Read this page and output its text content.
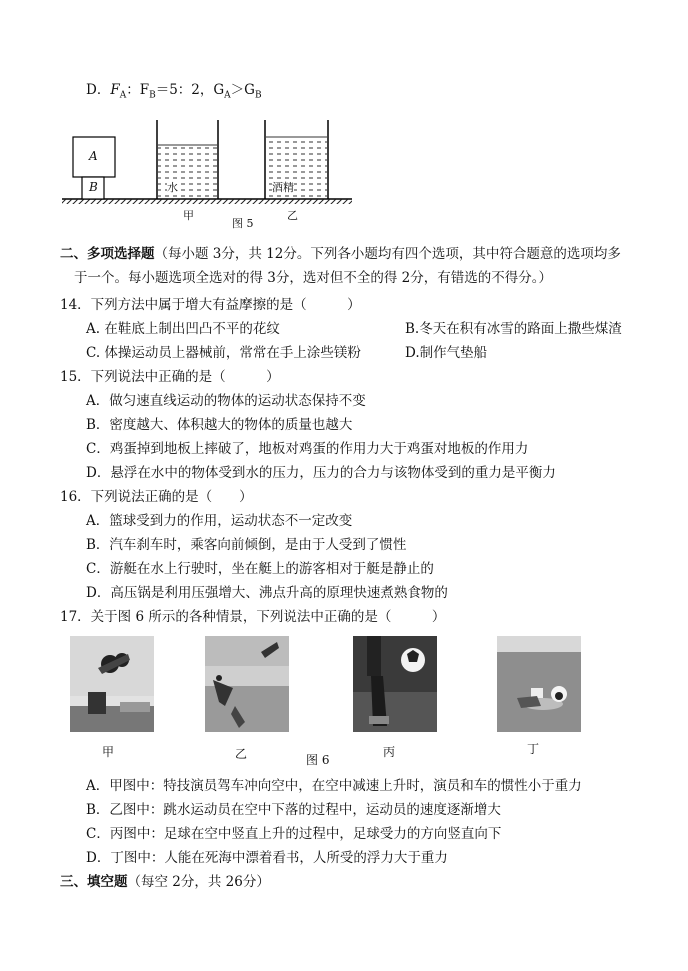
D．$F_A$：$F_B=5$：2，$G_A>G_B$
A
B	水	酒精
甲
图 5
乙
二、多项选择题（每小题 3分，共 12分。下列各小题均有四个选项，其中符合题意的选项均多
于一个。每小题选项全选对的得 3分，选对但不全的得 2分，有错选的不得分。）
14．下列方法中属于增大有益摩擦的是（　　　）
A. 在鞋底上制出凹凸不平的花纹	B.冬天在积有冰雪的路面上撒些煤渣
C. 体操运动员上器械前，常常在手上涂些镁粉	D.制作气垫船
15．下列说法中正确的是（　　　）
A．做匀速直线运动的物体的运动状态保持不变
B．密度越大、体积越大的物体的质量也越大
C．鸡蛋掉到地板上摔破了，地板对鸡蛋的作用力大于鸡蛋对地板的作用力
D．悬浮在水中的物体受到水的压力，压力的合力与该物体受到的重力是平衡力
16．下列说法正确的是（　　）
A．篮球受到力的作用，运动状态不一定改变
B．汽车刹车时，乘客向前倾倒，是由于人受到了惯性
C．游艇在水上行驶时，坐在艇上的游客相对于艇是静止的
D．高压锅是利用压强增大、沸点升高的原理快速煮熟食物的
17．关于图 6 所示的各种情景，下列说法中正确的是（　　　）
甲	乙	图 6
丙	丁
A．甲图中：特技演员驾车冲向空中，在空中减速上升时，演员和车的惯性小于重力
B．乙图中：跳水运动员在空中下落的过程中，运动员的速度逐渐增大
C．丙图中：足球在空中竖直上升的过程中，足球受力的方向竖直向下
D．丁图中：人能在死海中漂着看书，人所受的浮力大于重力
三、填空题（每空 2分，共 26分）
